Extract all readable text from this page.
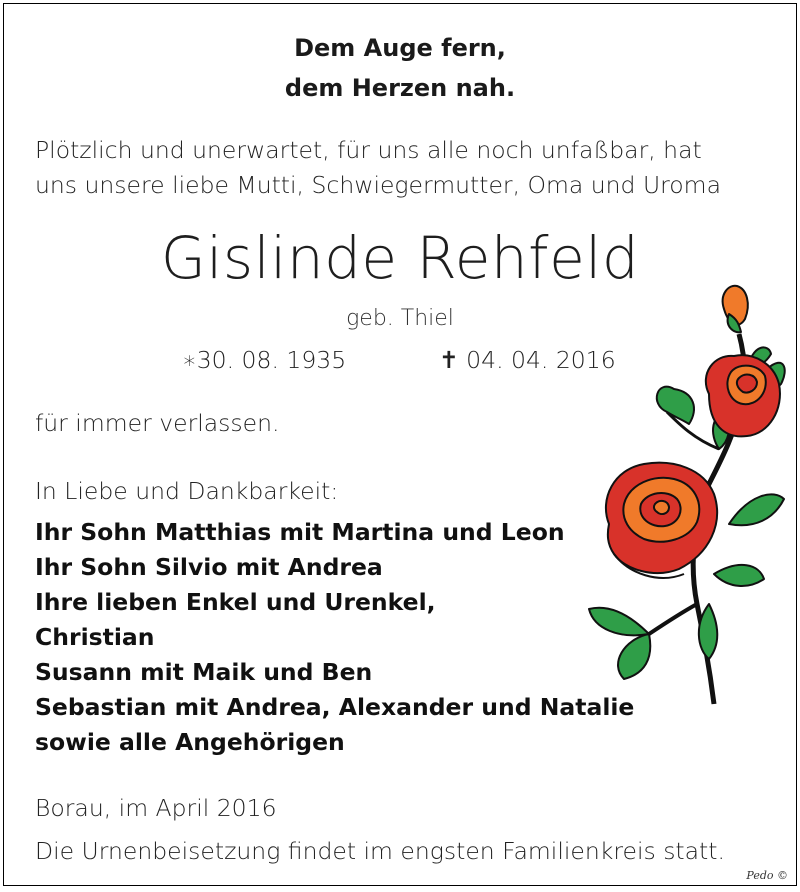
Dem Auge fern,

dem Herzen nah.

Plötzlich und unerwartet, für uns alle noch unfaßbar, hat

uns unsere liebe Mutti, Schwiegermutter, Oma und Uroma

Gislinde Rehfeld

geb. Thiel

∗30. 08. 1935	✝ 04. 04. 2016

für immer verlassen.

In Liebe und Dankbarkeit:

Ihr Sohn Matthias mit Martina und Leon

Ihr Sohn Silvio mit Andrea

Ihre lieben Enkel und Urenkel,

Christian

Susann mit Maik und Ben

Sebastian mit Andrea, Alexander und Natalie

sowie alle Angehörigen

Borau, im April 2016

Die Urnenbeisetzung findet im engsten Familienkreis statt.

Pedo ©
